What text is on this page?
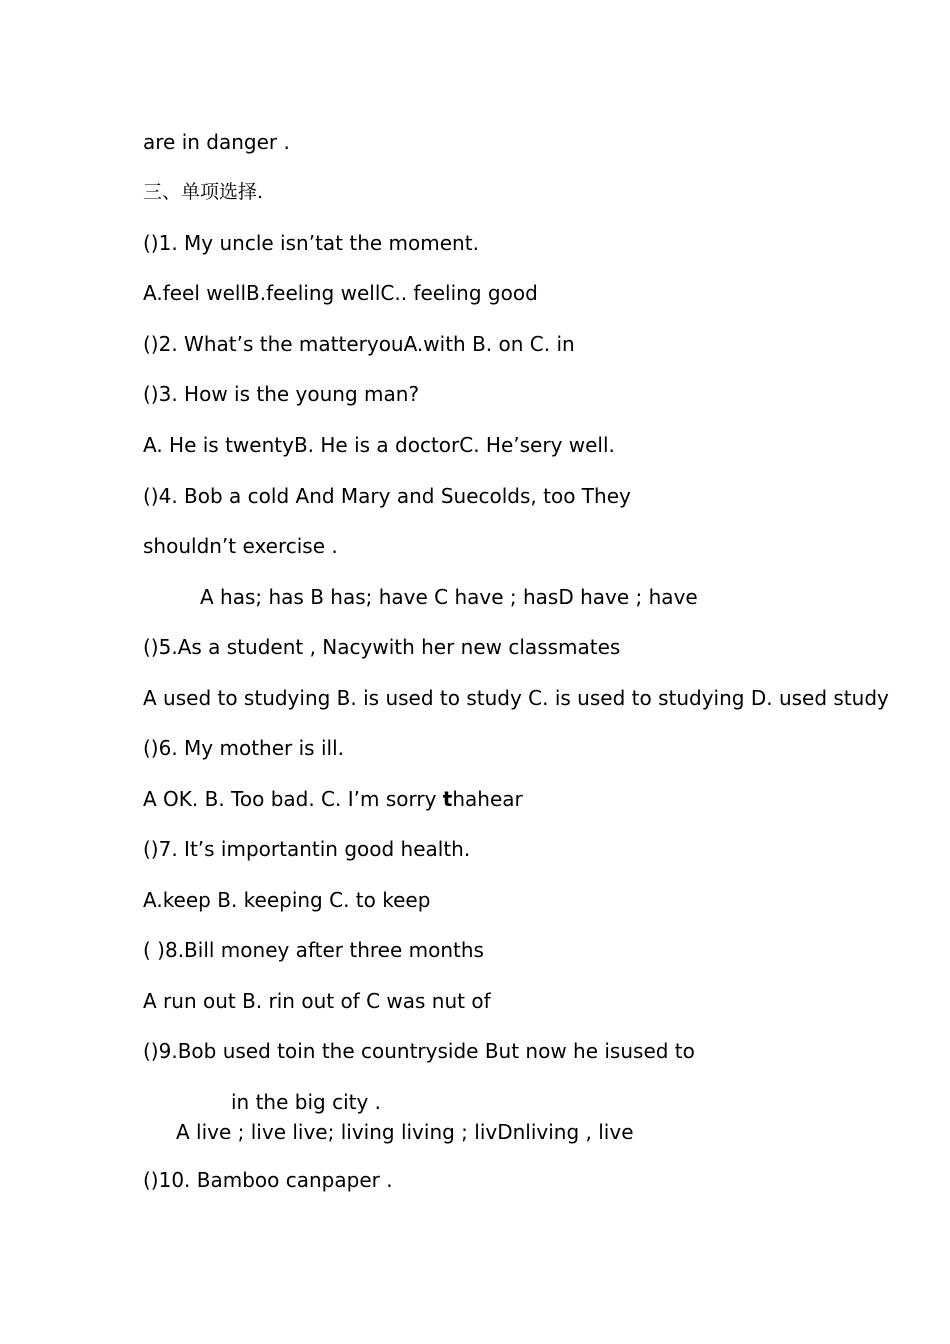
are in danger .
三、单项选择.
()1. My uncle isn’tat the moment.
A.feel wellB.feeling wellC.. feeling good
()2. What’s the matteryouA.with B. on C. in
()3. How is the young man?
A. He is twentyB. He is a doctorC. He’sery well.
()4. Bob a cold And Mary and Suecolds, too They
shouldn’t exercise .
A has; has B has; have C have ; hasD have ; have
()5.As a student , Nacywith her new classmates
A used to studying B. is used to study C. is used to studying D. used study
()6. My mother is ill.
A OK. B. Too bad. C. I’m sorry thahear
()7. It’s importantin good health.
A.keep B. keeping C. to keep
( )8.Bill money after three months
A run out B. rin out of C was nut of
()9.Bob used toin the countryside But now he isused to
in the big city .
A live ; live live; living living ; livDnliving , live
()10. Bamboo canpaper .
